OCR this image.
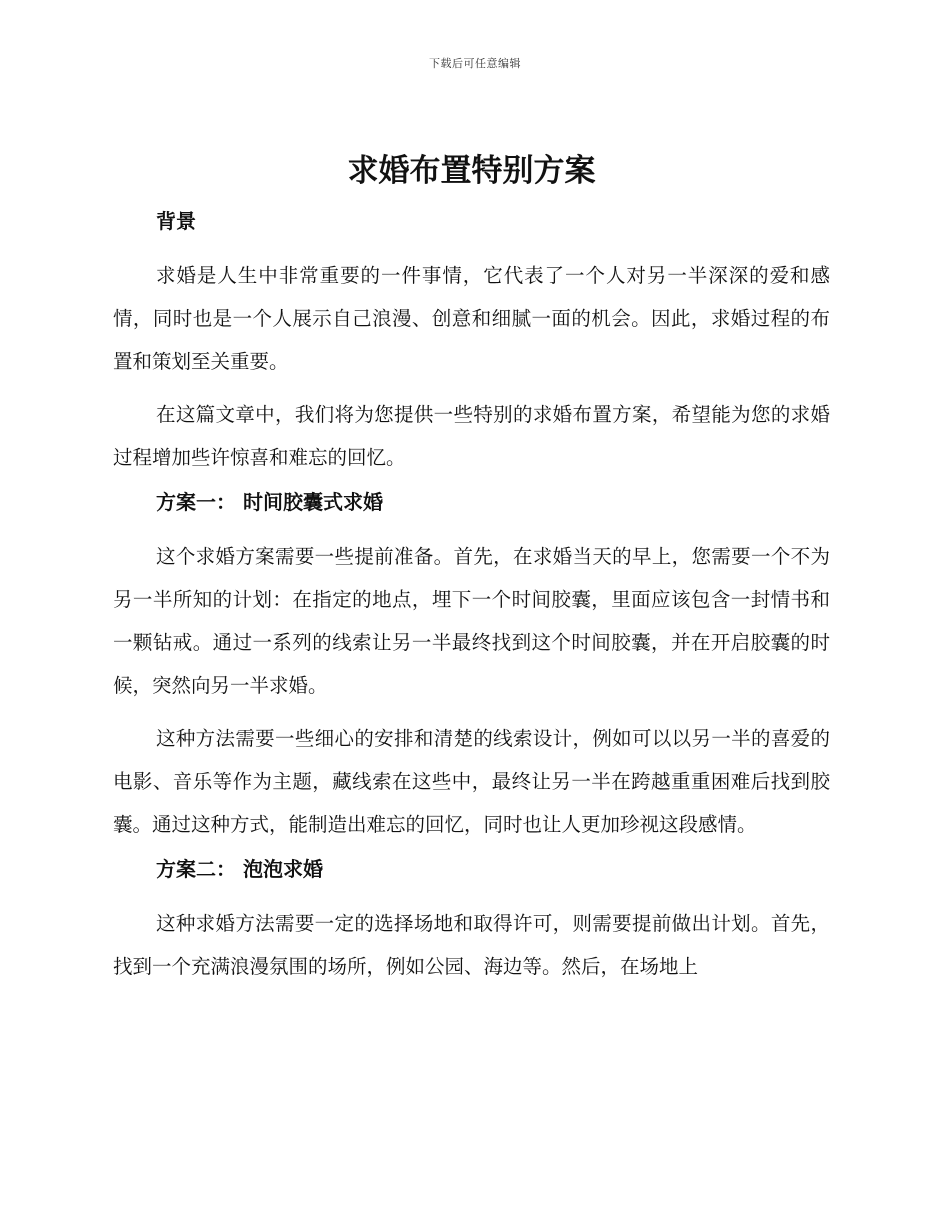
下载后可任意编辑
求婚布置特别方案
背景

求婚是人生中非常重要的一件事情，它代表了一个人对另一半深深的爱和感情，同时也是一个人展示自己浪漫、创意和细腻一面的机会。因此，求婚过程的布置和策划至关重要。

在这篇文章中，我们将为您提供一些特别的求婚布置方案，希望能为您的求婚过程增加些许惊喜和难忘的回忆。

方案一： 时间胶囊式求婚

这个求婚方案需要一些提前准备。首先，在求婚当天的早上，您需要一个不为另一半所知的计划：在指定的地点，埋下一个时间胶囊，里面应该包含一封情书和一颗钻戒。通过一系列的线索让另一半最终找到这个时间胶囊，并在开启胶囊的时候，突然向另一半求婚。

这种方法需要一些细心的安排和清楚的线索设计，例如可以以另一半的喜爱的电影、音乐等作为主题，藏线索在这些中，最终让另一半在跨越重重困难后找到胶囊。通过这种方式，能制造出难忘的回忆，同时也让人更加珍视这段感情。

方案二： 泡泡求婚

这种求婚方法需要一定的选择场地和取得许可，则需要提前做出计划。首先，找到一个充满浪漫氛围的场所，例如公园、海边等。然后，在场地上
